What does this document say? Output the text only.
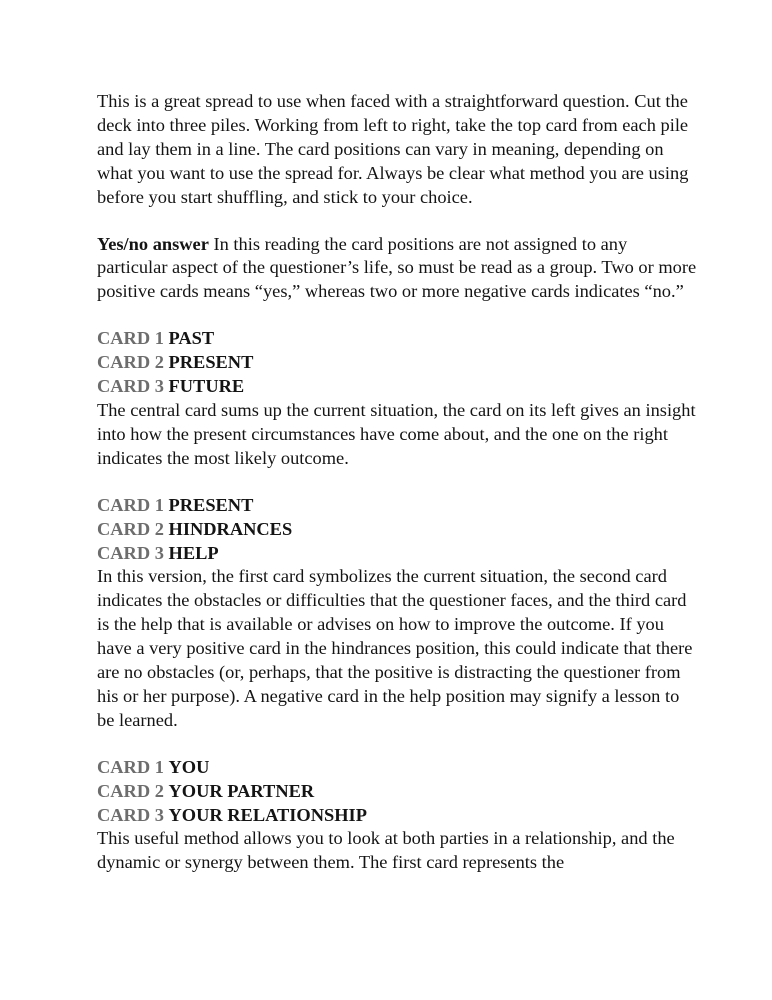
This is a great spread to use when faced with a straightforward question. Cut the deck into three piles. Working from left to right, take the top card from each pile and lay them in a line. The card positions can vary in meaning, depending on what you want to use the spread for. Always be clear what method you are using before you start shuffling, and stick to your choice.

Yes/no answer In this reading the card positions are not assigned to any particular aspect of the questioner’s life, so must be read as a group. Two or more positive cards means “yes,” whereas two or more negative cards indicates “no.”

CARD 1 PAST
CARD 2 PRESENT
CARD 3 FUTURE

The central card sums up the current situation, the card on its left gives an insight into how the present circumstances have come about, and the one on the right indicates the most likely outcome.

CARD 1 PRESENT
CARD 2 HINDRANCES
CARD 3 HELP

In this version, the first card symbolizes the current situation, the second card indicates the obstacles or difficulties that the questioner faces, and the third card is the help that is available or advises on how to improve the outcome. If you have a very positive card in the hindrances position, this could indicate that there are no obstacles (or, perhaps, that the positive is distracting the questioner from his or her purpose). A negative card in the help position may signify a lesson to be learned.

CARD 1 YOU
CARD 2 YOUR PARTNER
CARD 3 YOUR RELATIONSHIP

This useful method allows you to look at both parties in a relationship, and the dynamic or synergy between them. The first card represents the
